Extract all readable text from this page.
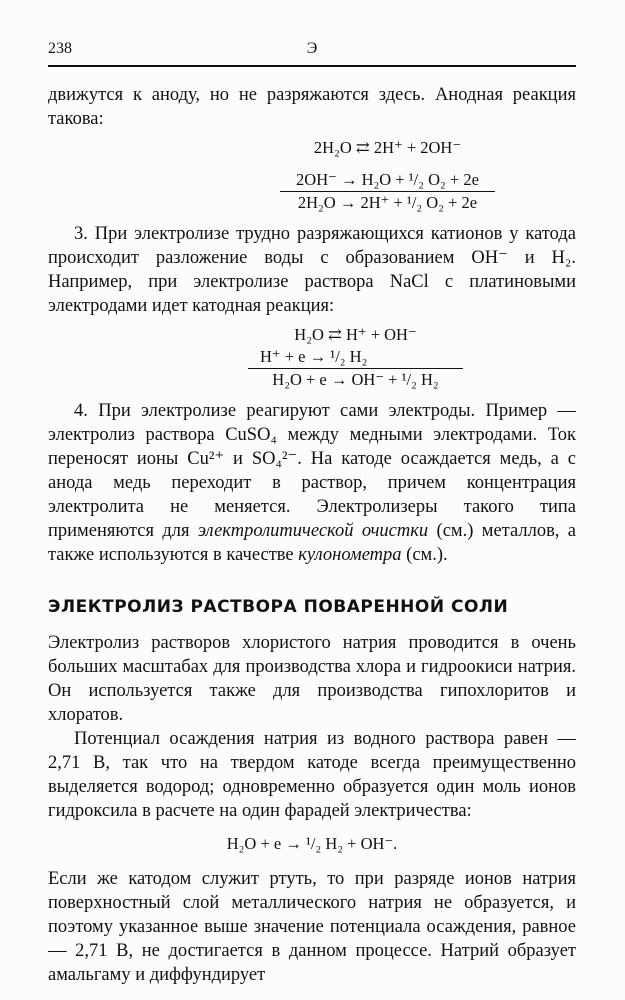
238	Э

движутся к аноду, но не разряжаются здесь. Анодная реакция такова:

2H₂O ⇄ 2H⁺ + 2OH⁻
2OH⁻ → H₂O + ¹/₂ O₂ + 2e
2H₂O → 2H⁺ + ¹/₂ O₂ + 2e

3. При электролизе трудно разряжающихся катионов у катода происходит разложение воды с образованием OH⁻ и H₂. Например, при электролизе раствора NaCl с платиновыми электродами идет катодная реакция:

H₂O ⇄ H⁺ + OH⁻
H⁺ + e → ¹/₂ H₂
H₂O + e → OH⁻ + ¹/₂ H₂

4. При электролизе реагируют сами электроды. Пример — электролиз раствора CuSO₄ между медными электродами. Ток переносят ионы Cu²⁺ и SO₄²⁻. На катоде осаждается медь, а с анода медь переходит в раствор, причем концентрация электролита не меняется. Электролизеры такого типа применяются для электролитической очистки (см.) металлов, а также используются в качестве кулонометра (см.).

ЭЛЕКТРОЛИЗ РАСТВОРА ПОВАРЕННОЙ СОЛИ

Электролиз растворов хлористого натрия проводится в очень больших масштабах для производства хлора и гидроокиси натрия. Он используется также для производства гипохлоритов и хлоратов.

Потенциал осаждения натрия из водного раствора равен — 2,71 В, так что на твердом катоде всегда преимущественно выделяется водород; одновременно образуется один моль ионов гидроксила в расчете на один фарадей электричества:

H₂O + e → ¹/₂ H₂ + OH⁻.

Если же катодом служит ртуть, то при разряде ионов натрия поверхностный слой металлического натрия не образуется, и поэтому указанное выше значение потенциала осаждения, равное — 2,71 В, не достигается в данном процессе. Натрий образует амальгаму и диффундирует
